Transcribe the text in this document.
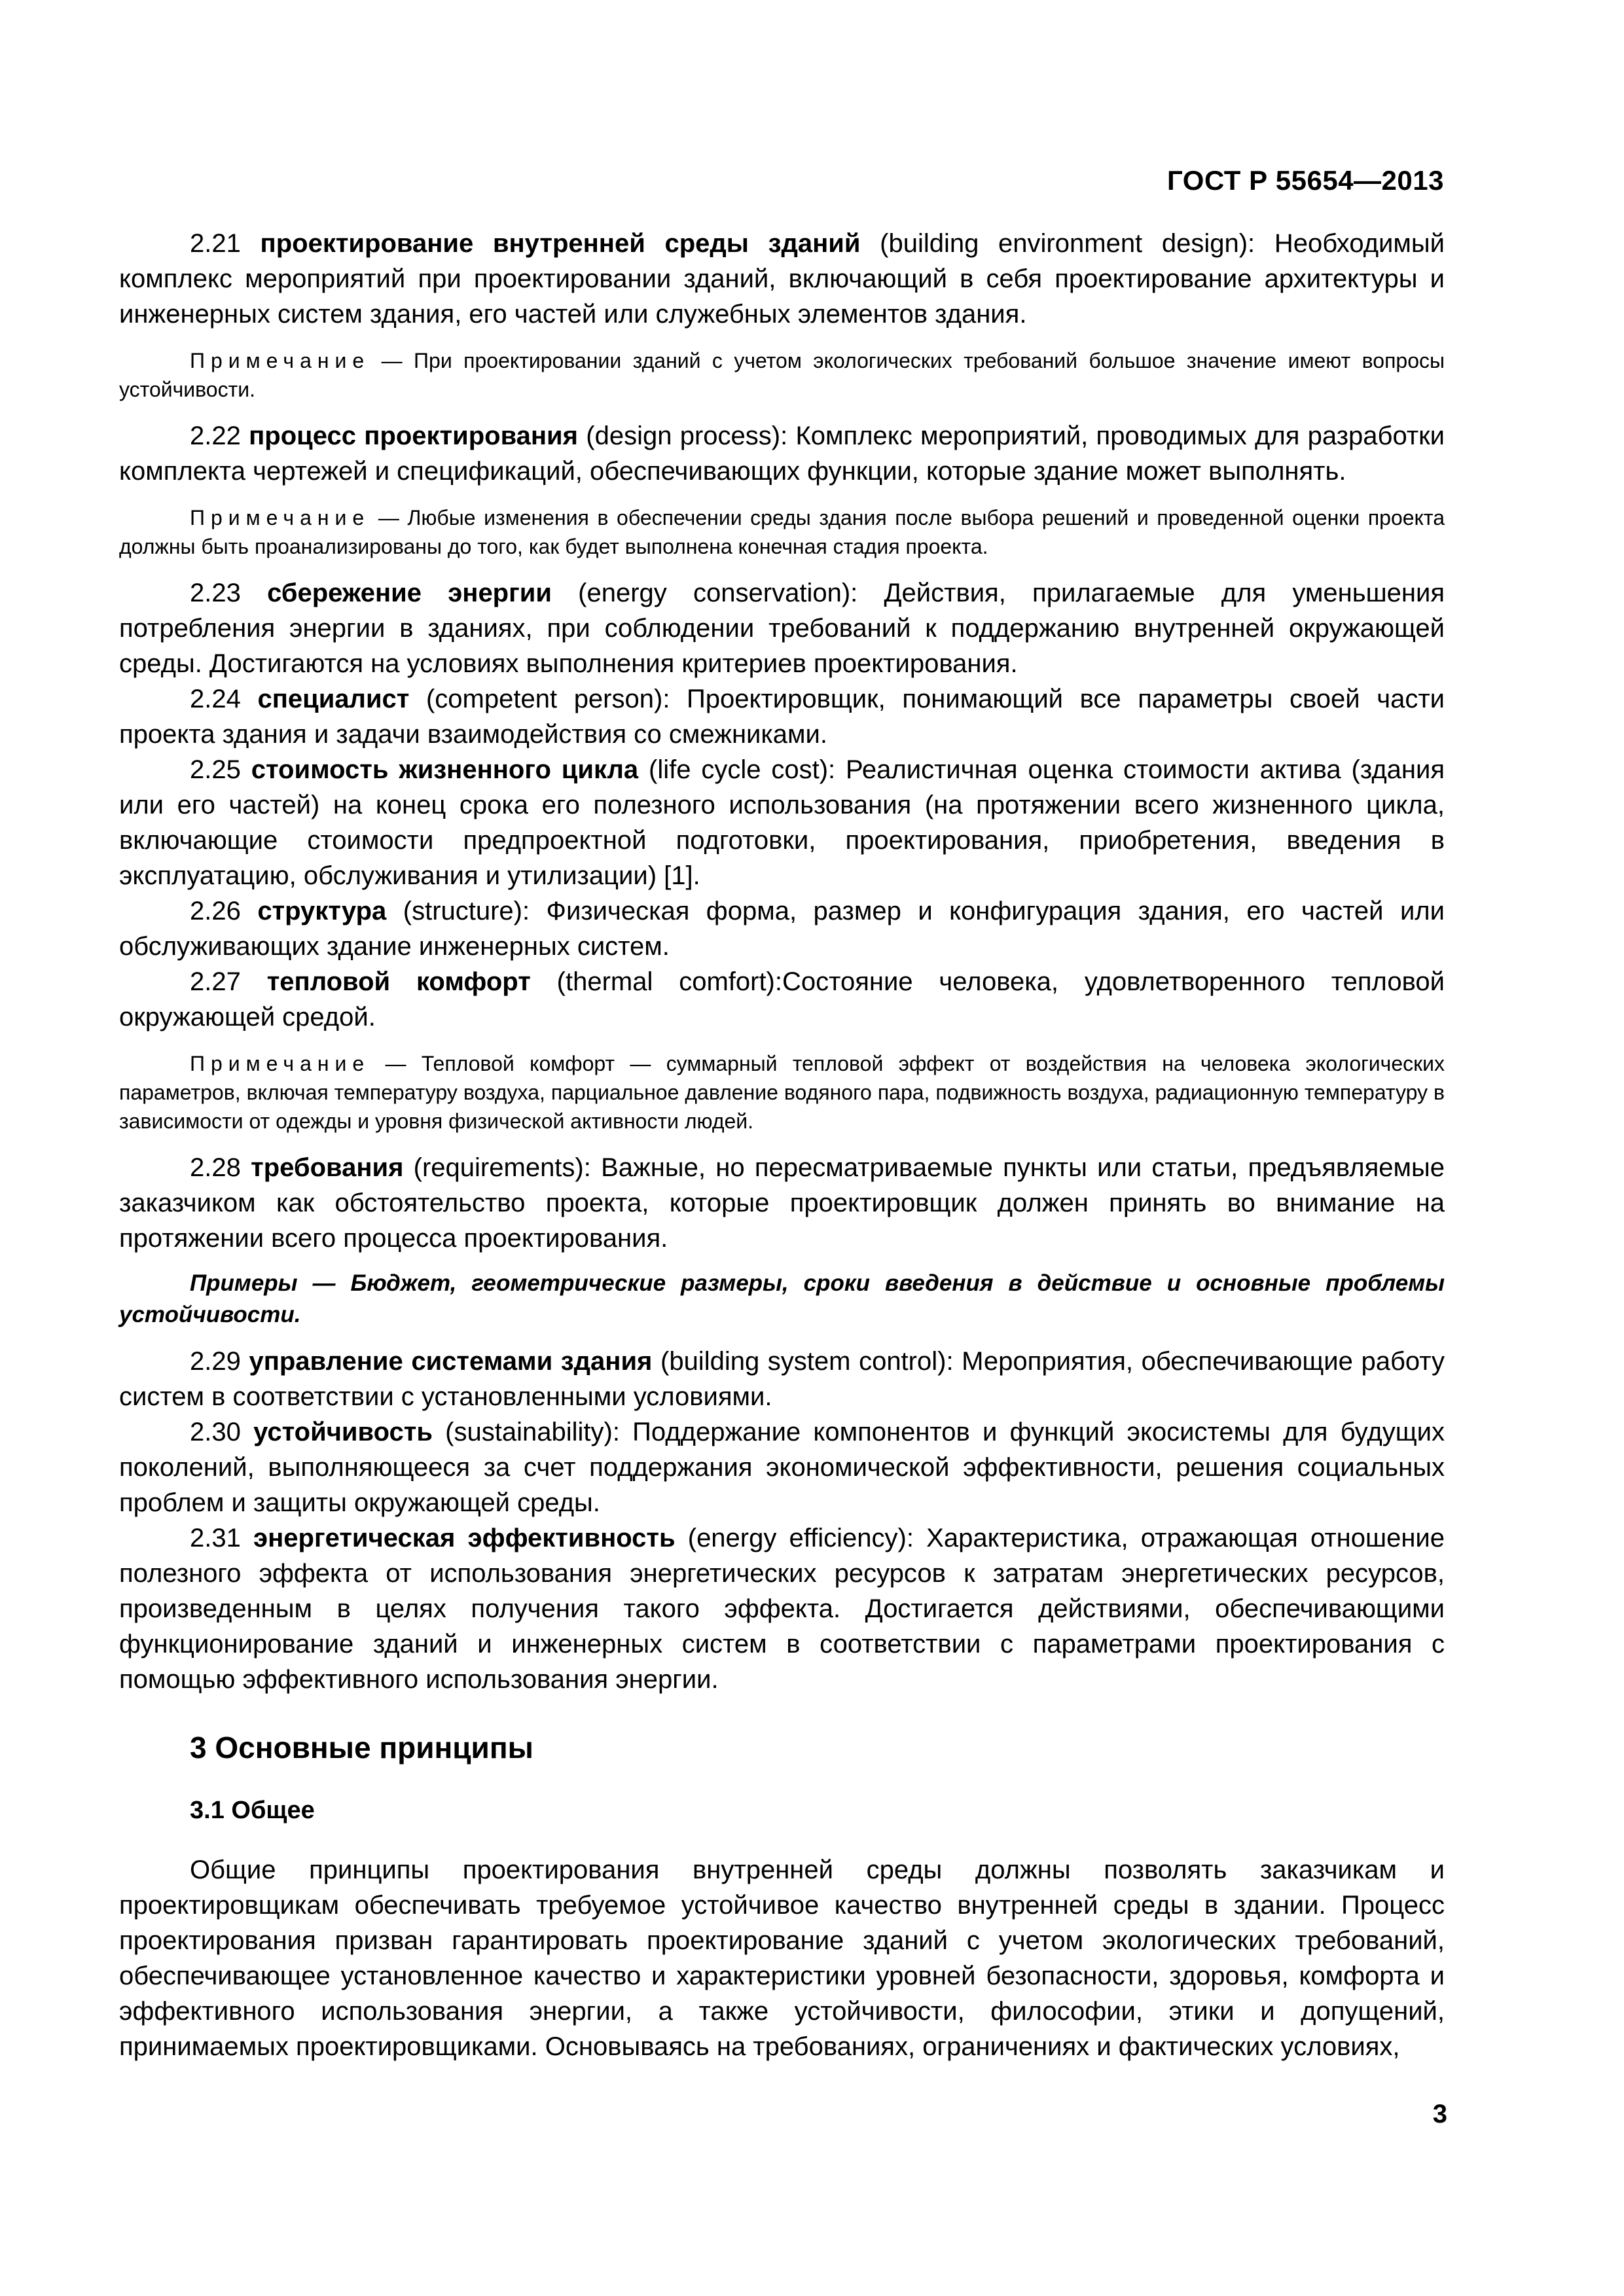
ГОСТ Р 55654—2013

2.21 проектирование внутренней среды зданий (building environment design): Необходимый комплекс мероприятий при проектировании зданий, включающий в себя проектирование архитектуры и инженерных систем здания, его частей или служебных элементов здания.

Примечание — При проектировании зданий с учетом экологических требований большое значение имеют вопросы устойчивости.

2.22 процесс проектирования (design process): Комплекс мероприятий, проводимых для разработки комплекта чертежей и спецификаций, обеспечивающих функции, которые здание может выполнять.

Примечание — Любые изменения в обеспечении среды здания после выбора решений и проведенной оценки проекта должны быть проанализированы до того, как будет выполнена конечная стадия проекта.

2.23 сбережение энергии (energy conservation): Действия, прилагаемые для уменьшения потребления энергии в зданиях, при соблюдении требований к поддержанию внутренней окружающей среды. Достигаются на условиях выполнения критериев проектирования.

2.24 специалист (competent person): Проектировщик, понимающий все параметры своей части проекта здания и задачи взаимодействия со смежниками.

2.25 стоимость жизненного цикла (life cycle cost): Реалистичная оценка стоимости актива (здания или его частей) на конец срока его полезного использования (на протяжении всего жизненного цикла, включающие стоимости предпроектной подготовки, проектирования, приобретения, введения в эксплуатацию, обслуживания и утилизации) [1].

2.26 структура (structure): Физическая форма, размер и конфигурация здания, его частей или обслуживающих здание инженерных систем.

2.27 тепловой комфорт (thermal comfort):Состояние человека, удовлетворенного тепловой окружающей средой.

Примечание — Тепловой комфорт — суммарный тепловой эффект от воздействия на человека экологических параметров, включая температуру воздуха, парциальное давление водяного пара, подвижность воздуха, радиационную температуру в зависимости от одежды и уровня физической активности людей.

2.28 требования (requirements): Важные, но пересматриваемые пункты или статьи, предъявляемые заказчиком как обстоятельство проекта, которые проектировщик должен принять во внимание на протяжении всего процесса проектирования.

Примеры — Бюджет, геометрические размеры, сроки введения в действие и основные проблемы устойчивости.

2.29 управление системами здания (building system control): Мероприятия, обеспечивающие работу систем в соответствии с установленными условиями.

2.30 устойчивость (sustainability): Поддержание компонентов и функций экосистемы для будущих поколений, выполняющееся за счет поддержания экономической эффективности, решения социальных проблем и защиты окружающей среды.

2.31 энергетическая эффективность (energy efficiency): Характеристика, отражающая отношение полезного эффекта от использования энергетических ресурсов к затратам энергетических ресурсов, произведенным в целях получения такого эффекта. Достигается действиями, обеспечивающими функционирование зданий и инженерных систем в соответствии с параметрами проектирования с помощью эффективного использования энергии.

3 Основные принципы
3.1 Общее

Общие принципы проектирования внутренней среды должны позволять заказчикам и проектировщикам обеспечивать требуемое устойчивое качество внутренней среды в здании. Процесс проектирования призван гарантировать проектирование зданий с учетом экологических требований, обеспечивающее установленное качество и характеристики уровней безопасности, здоровья, комфорта и эффективного использования энергии, а также устойчивости, философии, этики и допущений, принимаемых проектировщиками. Основываясь на требованиях, ограничениях и фактических условиях,

3
